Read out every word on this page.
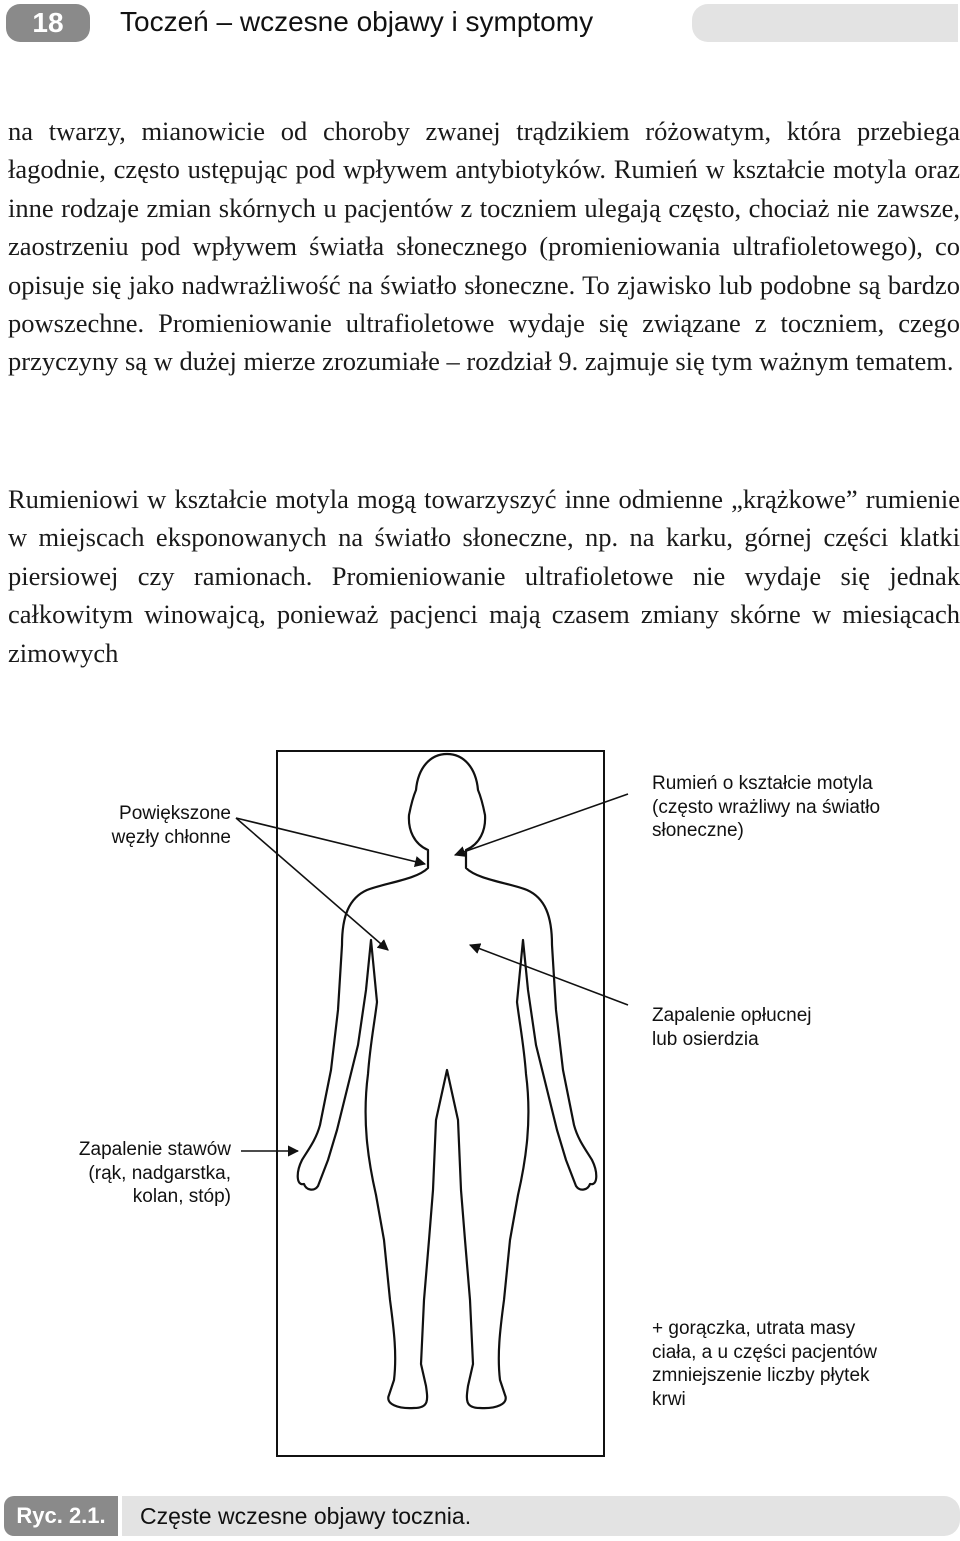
18	Toczeń – wczesne objawy i symptomy

na twarzy, mianowicie od choroby zwanej trądzikiem różowatym, która przebiega łagodnie, często ustępując pod wpływem antybiotyków. Rumień w kształcie motyla oraz inne rodzaje zmian skórnych u pacjentów z toczniem ulegają często, chociaż nie zawsze, zaostrzeniu pod wpływem światła słonecznego (promieniowania ultrafioletowego), co opisuje się jako nadwrażliwość na światło słoneczne. To zjawisko lub podobne są bardzo powszechne. Promieniowanie ultrafioletowe wydaje się związane z toczniem, czego przyczyny są w dużej mierze zrozumiałe – rozdział 9. zajmuje się tym ważnym tematem.

Rumieniowi w kształcie motyla mogą towarzyszyć inne odmienne „krążkowe” rumienie w miejscach eksponowanych na światło słoneczne, np. na karku, górnej części klatki piersiowej czy ramionach. Promieniowanie ultrafioletowe nie wydaje się jednak całkowitym winowajcą, ponieważ pacjenci mają czasem zmiany skórne w miesiącach zimowych

Powiększone
węzły chłonne
Rumień o kształcie motyla
(często wrażliwy na światło
słoneczne)
Zapalenie opłucnej
lub osierdzia
Zapalenie stawów
(rąk, nadgarstka,
kolan, stóp)
+ gorączka, utrata masy
ciała, a u części pacjentów
zmniejszenie liczby płytek
krwi
Ryc. 2.1.	Częste wczesne objawy tocznia.
